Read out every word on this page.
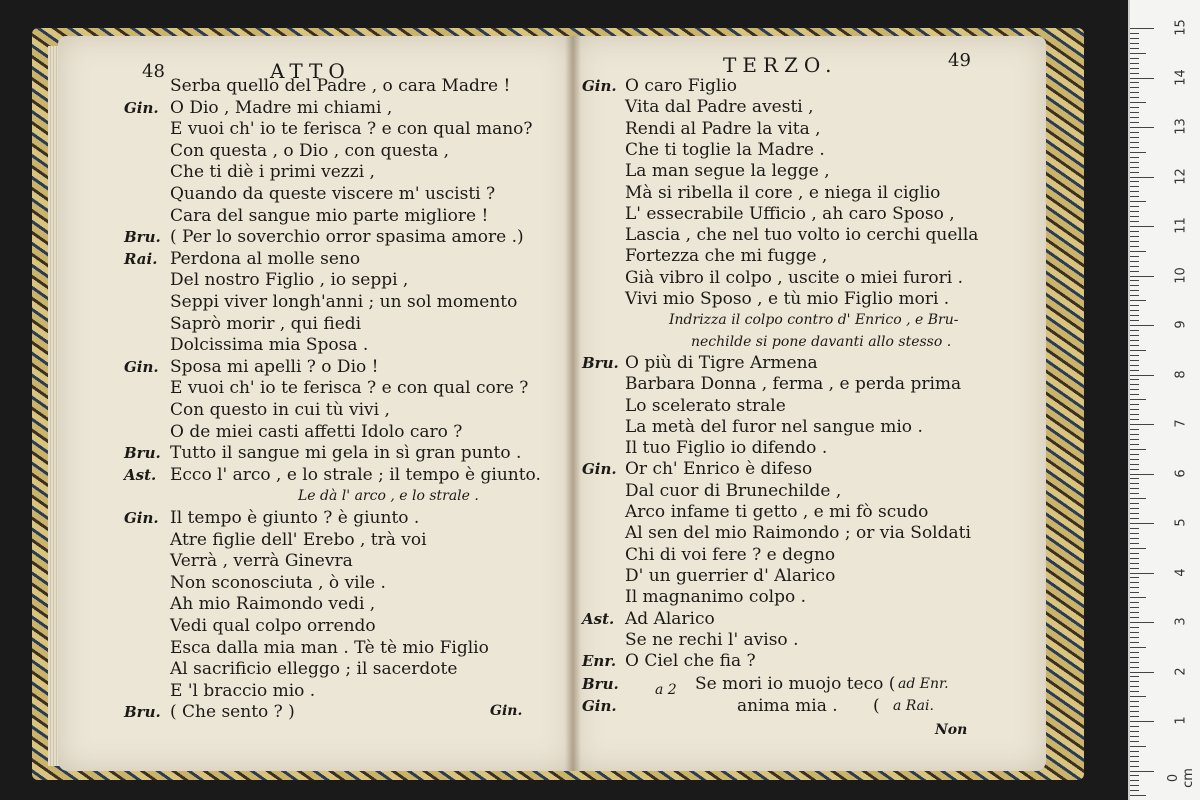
48	ATTO
Serba quello del Padre , o cara Madre !
Gin. O Dio , Madre mi chiami ,
E vuoi ch' io te ferisca ? e con qual mano?
Con questa , o Dio , con questa ,
Che ti diè i primi vezzi ,
Quando da queste viscere m' uscisti ?
Cara del sangue mio parte migliore !
Bru. ( Per lo soverchio orror spasima amore .)
Rai. Perdona al molle seno
Del nostro Figlio , io seppi ,
Seppi viver longh'anni ; un sol momento
Saprò morir , qui fiedi
Dolcissima mia Sposa .
Gin. Sposa mi apelli ? o Dio !
E vuoi ch' io te ferisca ? e con qual core ?
Con questo in cui tù vivi ,
O de miei casti affetti Idolo caro ?
Bru. Tutto il sangue mi gela in sì gran punto .
Ast. Ecco l' arco , e lo strale ; il tempo è giunto.
Le dà l' arco , e lo strale .
Gin. Il tempo è giunto ? è giunto .
Atre figlie dell' Erebo , trà voi
Verrà , verrà Ginevra
Non sconosciuta , ò vile .
Ah mio Raimondo vedi ,
Vedi qual colpo orrendo
Esca dalla mia man . Tè tè mio Figlio
Al sacrificio elleggo ; il sacerdote
E 'l braccio mio .
Bru. ( Che sento ? )	Gin.
TERZO.	49
Gin. O caro Figlio
Vita dal Padre avesti ,
Rendi al Padre la vita ,
Che ti toglie la Madre .
La man segue la legge ,
Mà si ribella il core , e niega il ciglio
L' essecrabile Ufficio , ah caro Sposo ,
Lascia , che nel tuo volto io cerchi quella
Fortezza che mi fugge ,
Già vibro il colpo , uscite o miei furori .
Vivi mio Sposo , e tù mio Figlio mori .
Indrizza il colpo contro d' Enrico , e Bru-
nechilde si pone davanti allo stesso .
Bru. O più di Tigre Armena
Barbara Donna , ferma , e perda prima
Lo scelerato strale
La metà del furor nel sangue mio .
Il tuo Figlio io difendo .
Gin. Or ch' Enrico è difeso
Dal cuor di Brunechilde ,
Arco infame ti getto , e mi fò scudo
Al sen del mio Raimondo ; or via Soldati
Chi di voi fere ? e degno
D' un guerrier d' Alarico
Il magnanimo colpo .
Ast. Ad Alarico
Se ne rechi l' aviso .
Enr. O Ciel che fia ?
Bru.	a 2 Se mori io muojo teco ( ad Enr.
Gin.	anima mia . ( a Rai.
Non
15
14
13
12
11
10
9
8
7
6
5
4
3
2
1
0 cm
